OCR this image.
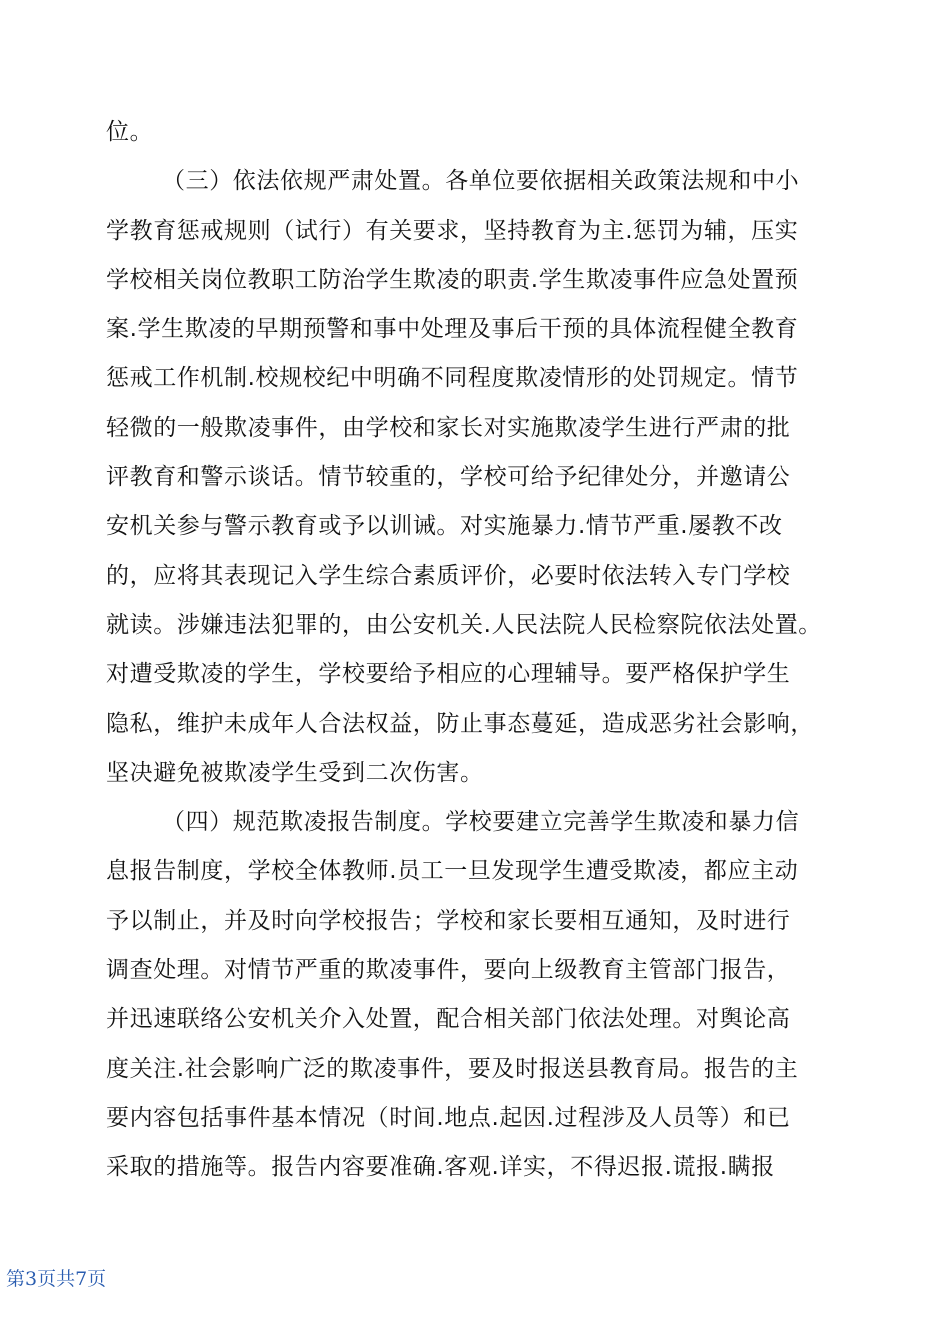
位。
（三）依法依规严肃处置。各单位要依据相关政策法规和中小
学教育惩戒规则（试行）有关要求，坚持教育为主.惩罚为辅，压实
学校相关岗位教职工防治学生欺凌的职责.学生欺凌事件应急处置预
案.学生欺凌的早期预警和事中处理及事后干预的具体流程健全教育
惩戒工作机制.校规校纪中明确不同程度欺凌情形的处罚规定。情节
轻微的一般欺凌事件，由学校和家长对实施欺凌学生进行严肃的批
评教育和警示谈话。情节较重的，学校可给予纪律处分，并邀请公
安机关参与警示教育或予以训诫。对实施暴力.情节严重.屡教不改
的，应将其表现记入学生综合素质评价，必要时依法转入专门学校
就读。涉嫌违法犯罪的，由公安机关.人民法院人民检察院依法处置。
对遭受欺凌的学生，学校要给予相应的心理辅导。要严格保护学生
隐私，维护未成年人合法权益，防止事态蔓延，造成恶劣社会影响，
坚决避免被欺凌学生受到二次伤害。
（四）规范欺凌报告制度。学校要建立完善学生欺凌和暴力信
息报告制度，学校全体教师.员工一旦发现学生遭受欺凌，都应主动
予以制止，并及时向学校报告；学校和家长要相互通知，及时进行
调查处理。对情节严重的欺凌事件，要向上级教育主管部门报告，
并迅速联络公安机关介入处置，配合相关部门依法处理。对舆论高
度关注.社会影响广泛的欺凌事件，要及时报送县教育局。报告的主
要内容包括事件基本情况（时间.地点.起因.过程涉及人员等）和已
采取的措施等。报告内容要准确.客观.详实，不得迟报.谎报.瞒报
第3页共7页
